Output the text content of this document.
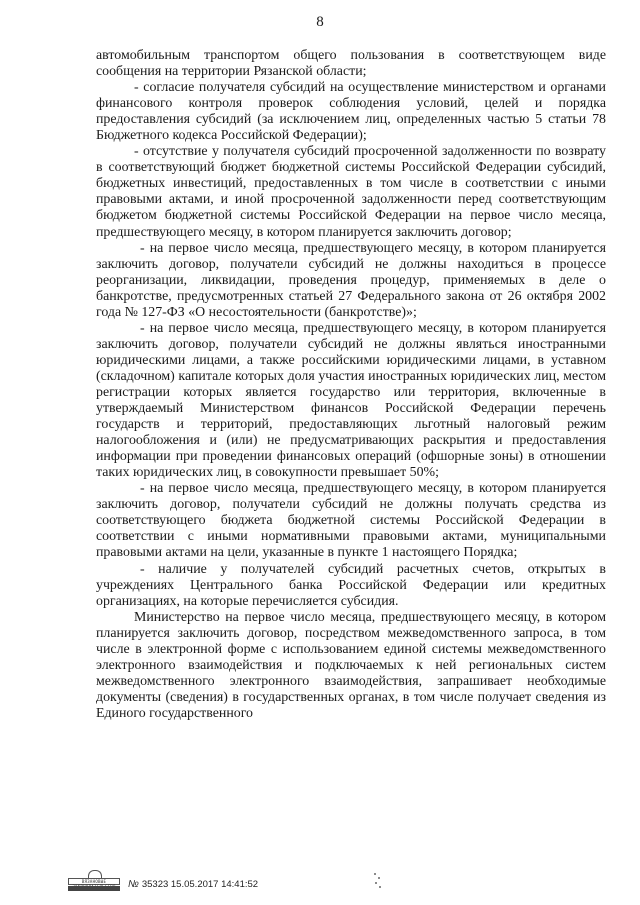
8

автомобильным транспортом общего пользования в соответствующем виде сообщения на территории Рязанской области;

- согласие получателя субсидий на осуществление министерством и органами финансового контроля проверок соблюдения условий, целей и порядка предоставления субсидий (за исключением лиц, определенных частью 5 статьи 78 Бюджетного кодекса Российской Федерации);

- отсутствие у получателя субсидий просроченной задолженности по возврату в соответствующий бюджет бюджетной системы Российской Федерации субсидий, бюджетных инвестиций, предоставленных в том числе в соответствии с иными правовыми актами, и иной просроченной задолженности перед соответствующим бюджетом бюджетной системы Российской Федерации на первое число месяца, предшествующего месяцу, в котором планируется заключить договор;

- на первое число месяца, предшествующего месяцу, в котором планируется заключить договор, получатели субсидий не должны находиться в процессе реорганизации, ликвидации, проведения процедур, применяемых в деле о банкротстве, предусмотренных статьей 27 Федерального закона от 26 октября 2002 года № 127-ФЗ «О несостоятельности (банкротстве)»;

- на первое число месяца, предшествующего месяцу, в котором планируется заключить договор, получатели субсидий не должны являться иностранными юридическими лицами, а также российскими юридическими лицами, в уставном (складочном) капитале которых доля участия иностранных юридических лиц, местом регистрации которых является государство или территория, включенные в утверждаемый Министерством финансов Российской Федерации перечень государств и территорий, предоставляющих льготный налоговый режим налогообложения и (или) не предусматривающих раскрытия и предоставления информации при проведении финансовых операций (офшорные зоны) в отношении таких юридических лиц, в совокупности превышает 50%;

- на первое число месяца, предшествующего месяцу, в котором планируется заключить договор, получатели субсидий не должны получать средства из соответствующего бюджета бюджетной системы Российской Федерации в соответствии с иными нормативными правовыми актами, муниципальными правовыми актами на цели, указанные в пункте 1 настоящего Порядка;

- наличие у получателей субсидий расчетных счетов, открытых в учреждениях Центрального банка Российской Федерации или кредитных организациях, на которые перечисляется субсидия.

Министерство на первое число месяца, предшествующего месяцу, в котором планируется заключить договор, посредством межведомственного запроса, в том числе в электронной форме с использованием единой системы межведомственного электронного взаимодействия и подключаемых к ней региональных систем межведомственного электронного взаимодействия, запрашивает необходимые документы (сведения) в государственных органах, в том числе получает сведения из Единого государственного

ВЯЗАНОВЫЕ	№ 35323 15.05.2017 14:41:52
